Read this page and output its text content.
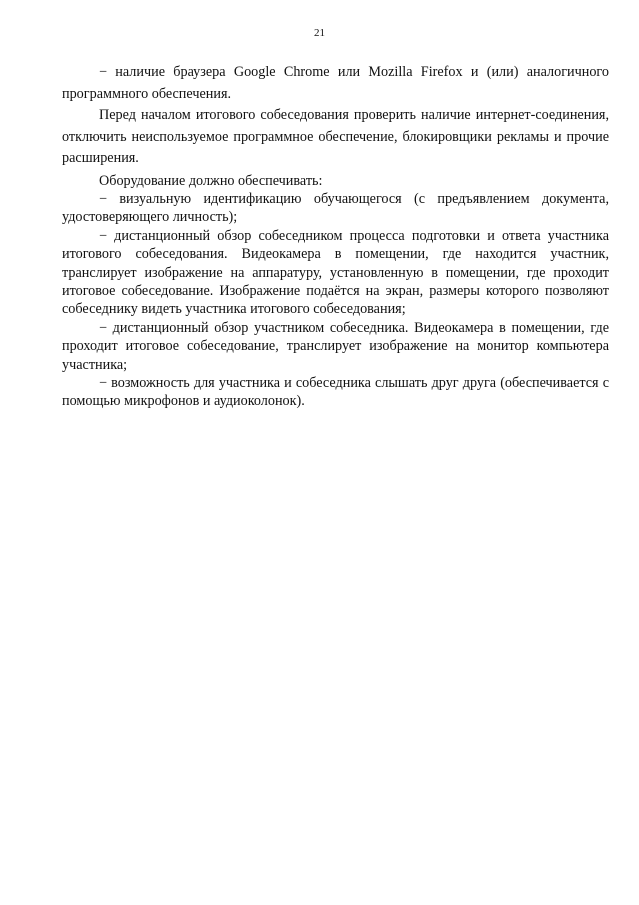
21

− наличие браузера Google Chrome или Mozilla Firefox и (или) аналогичного программного обеспечения.

Перед началом итогового собеседования проверить наличие интернет-соединения, отключить неиспользуемое программное обеспечение, блокировщики рекламы и прочие расширения.

Оборудование должно обеспечивать:

− визуальную идентификацию обучающегося (с предъявлением документа, удостоверяющего личность);

− дистанционный обзор собеседником процесса подготовки и ответа участника итогового собеседования. Видеокамера в помещении, где находится участник, транслирует изображение на аппаратуру, установленную в помещении, где проходит итоговое собеседование. Изображение подаётся на экран, размеры которого позволяют собеседнику видеть участника итогового собеседования;

− дистанционный обзор участником собеседника. Видеокамера в помещении, где проходит итоговое собеседование, транслирует изображение на монитор компьютера участника;

− возможность для участника и собеседника слышать друг друга (обеспечивается с помощью микрофонов и аудиоколонок).
